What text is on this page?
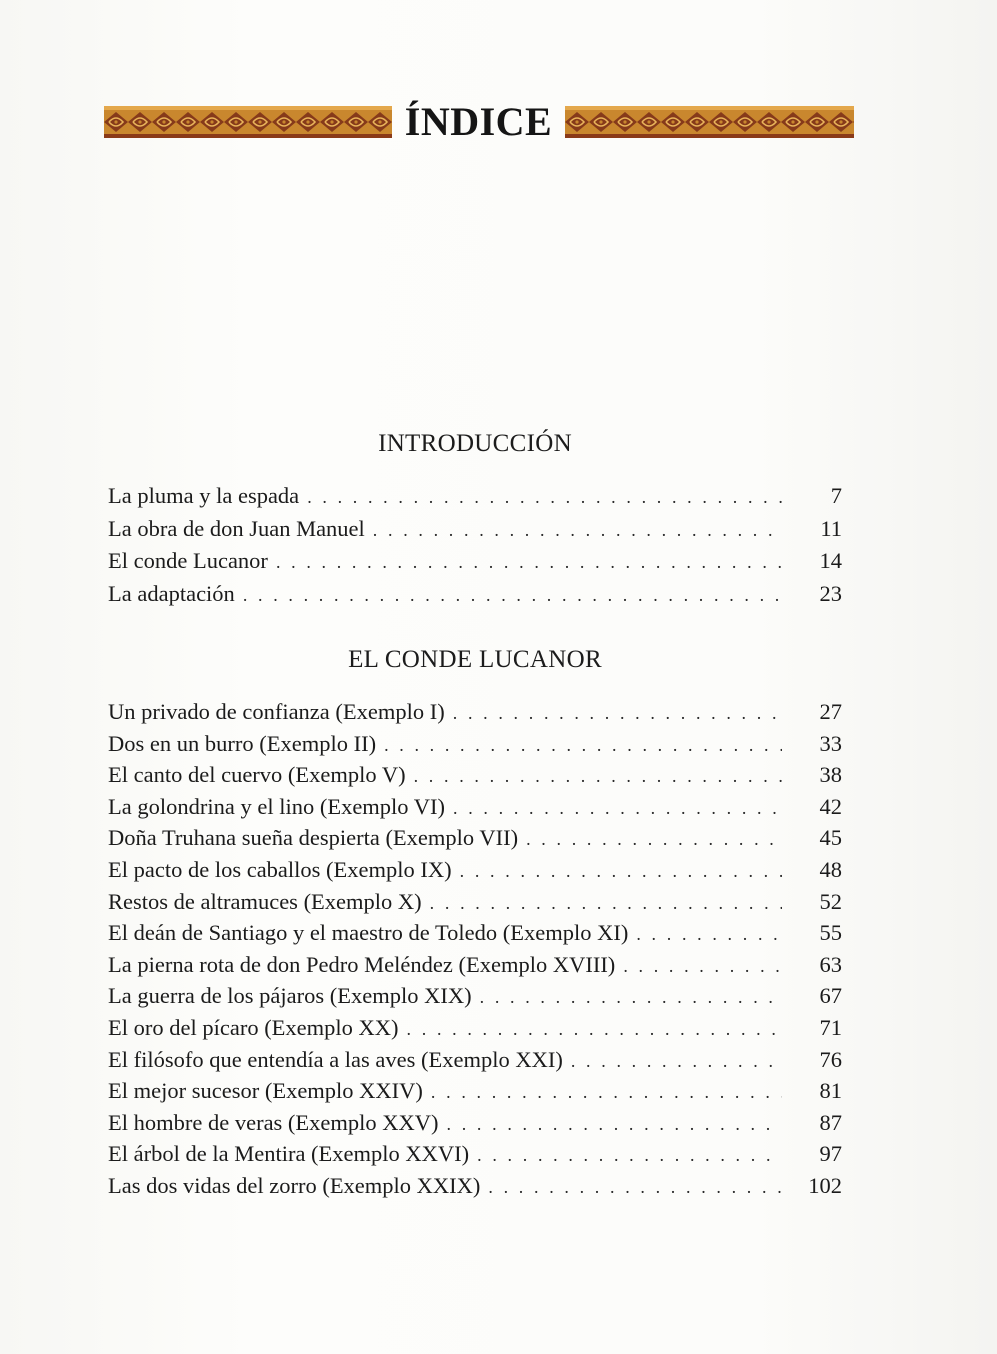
ÍNDICE
INTRODUCCIÓN
La pluma y la espada . . .	7
La obra de don Juan Manuel . . .	11
El conde Lucanor . . .	14
La adaptación . . .	23
EL CONDE LUCANOR
Un privado de confianza (Exemplo I) . . .	27
Dos en un burro (Exemplo II) . . .	33
El canto del cuervo (Exemplo V) . . .	38
La golondrina y el lino (Exemplo VI) . . .	42
Doña Truhana sueña despierta (Exemplo VII) . . .	45
El pacto de los caballos (Exemplo IX) . . .	48
Restos de altramuces (Exemplo X) . . .	52
El deán de Santiago y el maestro de Toledo (Exemplo XI) . . .	55
La pierna rota de don Pedro Meléndez (Exemplo XVIII) . . .	63
La guerra de los pájaros (Exemplo XIX) . . .	67
El oro del pícaro (Exemplo XX) . . .	71
El filósofo que entendía a las aves (Exemplo XXI) . . .	76
El mejor sucesor (Exemplo XXIV) . . .	81
El hombre de veras (Exemplo XXV) . . .	87
El árbol de la Mentira (Exemplo XXVI) . . .	97
Las dos vidas del zorro (Exemplo XXIX) . . .	102
